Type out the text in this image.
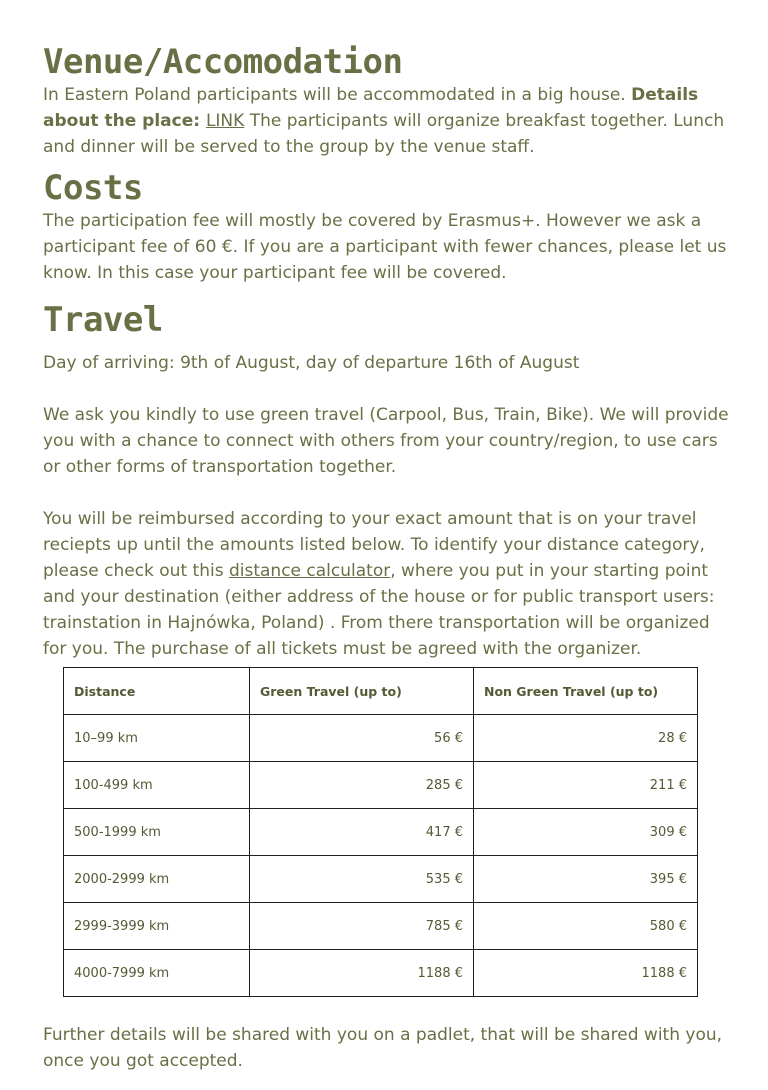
Venue/Accomodation

In Eastern Poland participants will be accommodated in a big house. Details about the place: LINK The participants will organize breakfast together. Lunch and dinner will be served to the group by the venue staff.

Costs

The participation fee will mostly be covered by Erasmus+. However we ask a participant fee of 60 €. If you are a participant with fewer chances, please let us know. In this case your participant fee will be covered.

Travel

Day of arriving: 9th of August, day of departure 16th of August

We ask you kindly to use green travel (Carpool, Bus, Train, Bike). We will provide you with a chance to connect with others from your country/region, to use cars or other forms of transportation together.

You will be reimbursed according to your exact amount that is on your travel reciepts up until the amounts listed below. To identify your distance category, please check out this distance calculator, where you put in your starting point and your destination (either address of the house or for public transport users: trainstation in Hajnówka, Poland) . From there transportation will be organized for you. The purchase of all tickets must be agreed with the organizer.

Distance	Green Travel (up to)	Non Green Travel (up to)
10–99 km	56 €	28 €
100-499 km	285 €	211 €
500-1999 km	417 €	309 €
2000-2999 km	535 €	395 €
2999-3999 km	785 €	580 €
4000-7999 km	1188 €	1188 €

Further details will be shared with you on a padlet, that will be shared with you, once you got accepted.
